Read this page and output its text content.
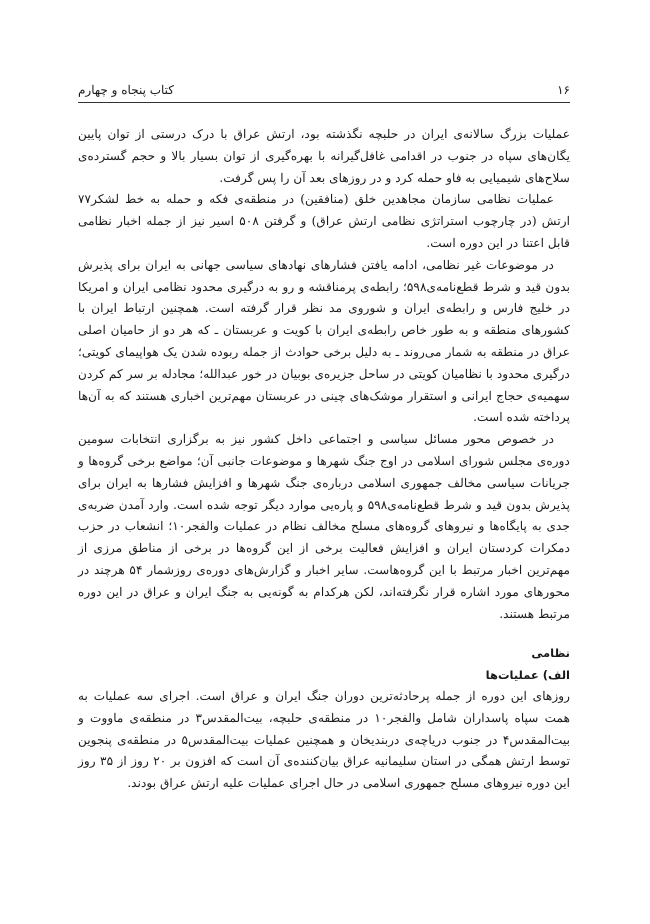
۱۶
کتاب پنجاه و چهارم

عملیات بزرگ سالانه‌ی ایران در حلبچه نگذشته بود، ارتش عراق با درک درستی از توان پایین یگان‌های سپاه در جنوب در اقدامی غافل‌گیرانه با بهره‌گیری از توان بسیار بالا و حجم گسترده‌ی سلاح‌های شیمیایی به فاو حمله کرد و در روزهای بعد آن را پس گرفت.

عملیات نظامی سازمان مجاهدین خلق (منافقین) در منطقه‌ی فکه و حمله به خط لشکر۷۷ ارتش (در چارچوب استراتژی نظامی ارتش عراق) و گرفتن ۵۰۸ اسیر نیز از جمله اخبار نظامی قابل اعتنا در این دوره است.

در موضوعات غیر نظامی، ادامه یافتن فشارهای نهادهای سیاسی جهانی به ایران برای پذیرش بدون قید و شرط قطع‌نامه‌ی۵۹۸؛ رابطه‌ی پرمناقشه و رو به درگیری محدود نظامی ایران و امریکا در خلیج فارس و رابطه‌ی ایران و شوروی مد نظر قرار گرفته است. همچنین ارتباط ایران با کشورهای منطقه و به طور خاص رابطه‌ی ایران با کویت و عربستان ـ که هر دو از حامیان اصلی عراق در منطقه به شمار می‌روند ـ به دلیل برخی حوادث از جمله ربوده شدن یک هواپیمای کویتی؛ درگیری محدود با نظامیان کویتی در ساحل جزیره‌ی بوبیان در خور عبدالله؛ مجادله بر سر کم کردن سهمیه‌ی حجاج ایرانی و استقرار موشک‌های چینی در عربستان مهم‌ترین اخباری هستند که به آن‌ها پرداخته شده است.

در خصوص محور مسائل سیاسی و اجتماعی داخل کشور نیز به برگزاری انتخابات سومین دوره‌ی مجلس شورای اسلامی در اوج جنگ شهرها و موضوعات جانبی آن؛ مواضع برخی گروه‌ها و جریانات سیاسی مخالف جمهوری اسلامی درباره‌ی جنگ شهرها و افزایش فشارها به ایران برای پذیرش بدون قید و شرط قطع‌نامه‌ی۵۹۸ و پاره‌یی موارد دیگر توجه شده است. وارد آمدن ضربه‌ی جدی به پایگاه‌ها و نیروهای گروه‌های مسلح مخالف نظام در عملیات والفجر۱۰؛ انشعاب در حزب دمکرات کردستان ایران و افزایش فعالیت برخی از این گروه‌ها در برخی از مناطق مرزی از مهم‌ترین اخبار مرتبط با این گروه‌هاست. سایر اخبار و گزارش‌های دوره‌ی روزشمار ۵۴ هرچند در محورهای مورد اشاره قرار نگرفته‌اند، لکن هرکدام به گونه‌یی به جنگ ایران و عراق در این دوره مرتبط هستند.

نظامی

الف) عملیات‌ها

روزهای این دوره از جمله پرحادثه‌ترین دوران جنگ ایران و عراق است. اجرای سه عملیات به همت سپاه پاسداران شامل والفجر۱۰ در منطقه‌ی حلبچه، بیت‌المقدس۳ در منطقه‌ی ماووت و بیت‌المقدس۴ در جنوب دریاچه‌ی دربندیخان و همچنین عملیات بیت‌المقدس۵ در منطقه‌ی پنجوین توسط ارتش همگی در استان سلیمانیه عراق بیان‌کننده‌ی آن است که افزون بر ۲۰ روز از ۳۵ روز این دوره نیروهای مسلح جمهوری اسلامی در حال اجرای عملیات علیه ارتش عراق بودند.
